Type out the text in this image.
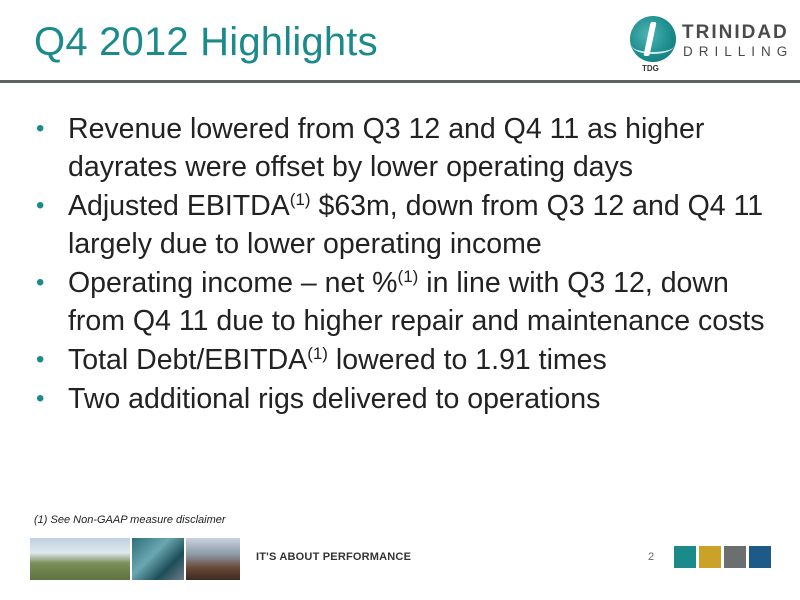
Q4 2012 Highlights	TRINIDAD
DRILLING
TDG
• Revenue lowered from Q3 12 and Q4 11 as higher dayrates were offset by lower operating days
• Adjusted EBITDA$^{(1)}$ $63m, down from Q3 12 and Q4 11 largely due to lower operating income
• Operating income – net %$^{(1)}$ in line with Q3 12, down from Q4 11 due to higher repair and maintenance costs
• Total Debt/EBITDA$^{(1)}$ lowered to 1.91 times
• Two additional rigs delivered to operations
(1) See Non-GAAP measure disclaimer
IT'S ABOUT PERFORMANCE	2
